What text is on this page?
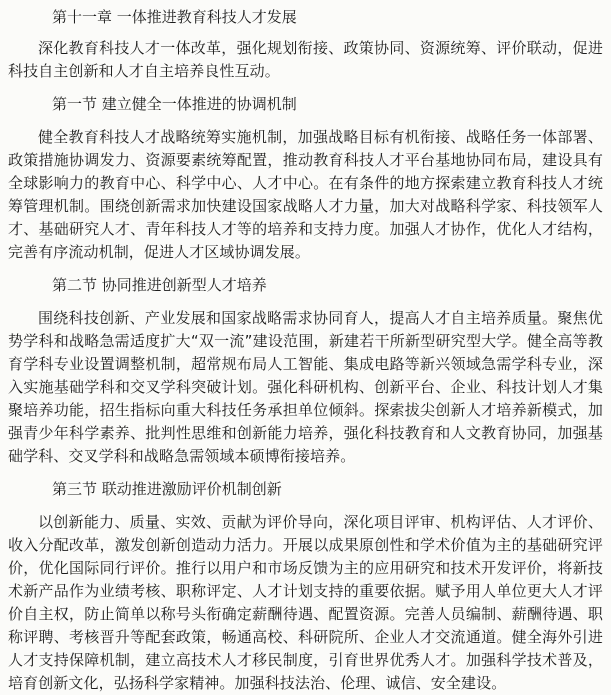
第十一章 一体推进教育科技人才发展

深化教育科技人才一体改革，强化规划衔接、政策协同、资源统筹、评价联动，促进科技自主创新和人才自主培养良性互动。

第一节 建立健全一体推进的协调机制

健全教育科技人才战略统筹实施机制，加强战略目标有机衔接、战略任务一体部署、政策措施协调发力、资源要素统筹配置，推动教育科技人才平台基地协同布局，建设具有全球影响力的教育中心、科学中心、人才中心。在有条件的地方探索建立教育科技人才统筹管理机制。围绕创新需求加快建设国家战略人才力量，加大对战略科学家、科技领军人才、基础研究人才、青年科技人才等的培养和支持力度。加强人才协作，优化人才结构，完善有序流动机制，促进人才区域协调发展。

第二节 协同推进创新型人才培养

围绕科技创新、产业发展和国家战略需求协同育人，提高人才自主培养质量。聚焦优势学科和战略急需适度扩大“双一流”建设范围，新建若干所新型研究型大学。健全高等教育学科专业设置调整机制，超常规布局人工智能、集成电路等新兴领域急需学科专业，深入实施基础学科和交叉学科突破计划。强化科研机构、创新平台、企业、科技计划人才集聚培养功能，招生指标向重大科技任务承担单位倾斜。探索拔尖创新人才培养新模式，加强青少年科学素养、批判性思维和创新能力培养，强化科技教育和人文教育协同，加强基础学科、交叉学科和战略急需领域本硕博衔接培养。

第三节 联动推进激励评价机制创新

以创新能力、质量、实效、贡献为评价导向，深化项目评审、机构评估、人才评价、收入分配改革，激发创新创造动力活力。开展以成果原创性和学术价值为主的基础研究评价，优化国际同行评价。推行以用户和市场反馈为主的应用研究和技术开发评价，将新技术新产品作为业绩考核、职称评定、人才计划支持的重要依据。赋予用人单位更大人才评价自主权，防止简单以称号头衔确定薪酬待遇、配置资源。完善人员编制、薪酬待遇、职称评聘、考核晋升等配套政策，畅通高校、科研院所、企业人才交流通道。健全海外引进人才支持保障机制，建立高技术人才移民制度，引育世界优秀人才。加强科学技术普及，培育创新文化，弘扬科学家精神。加强科技法治、伦理、诚信、安全建设。
